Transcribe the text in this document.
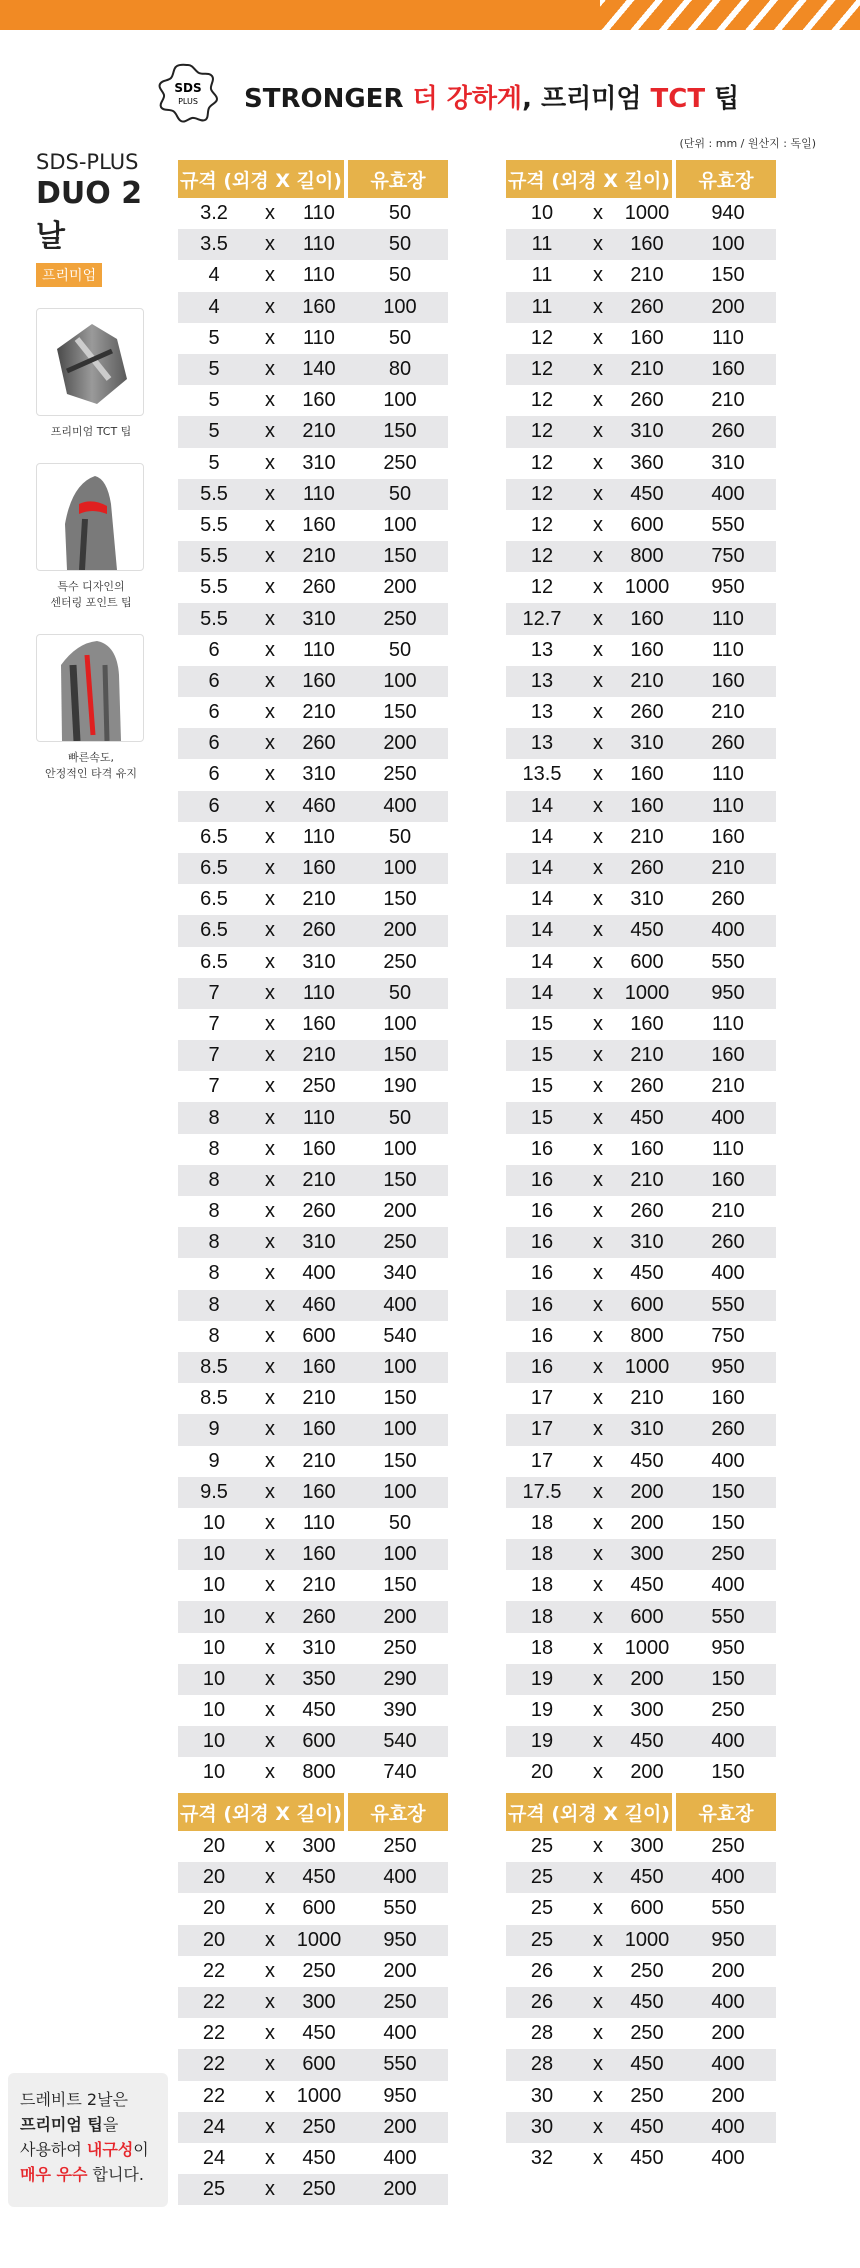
SDS
PLUS STRONGER 더 강하게, 프리미엄 TCT 팁
(단위 : mm / 원산지 : 독일)
SDS-PLUS
DUO 2날
프리미엄
프리미엄 TCT 팁
특수 디자인의
센터링 포인트 팁
빠른속도,
안정적인 타격 유지
드레비트 2날은
프리미엄 팁을
사용하여 내구성이
매우 우수 합니다.
규격 (외경 X 길이)			유효장	
3.2	x	110		50
3.5	x	110		50
4	x	110		50
4	x	160		100
5	x	110		50
5	x	140		80
5	x	160		100
5	x	210		150
5	x	310		250
5.5	x	110		50
5.5	x	160		100
5.5	x	210		150
5.5	x	260		200
5.5	x	310		250
6	x	110		50
6	x	160		100
6	x	210		150
6	x	260		200
6	x	310		250
6	x	460		400
6.5	x	110		50
6.5	x	160		100
6.5	x	210		150
6.5	x	260		200
6.5	x	310		250
7	x	110		50
7	x	160		100
7	x	210		150
7	x	250		190
8	x	110		50
8	x	160		100
8	x	210		150
8	x	260		200
8	x	310		250
8	x	400		340
8	x	460		400
8	x	600		540
8.5	x	160		100
8.5	x	210		150
9	x	160		100
9	x	210		150
9.5	x	160		100
10	x	110		50
10	x	160		100
10	x	210		150
10	x	260		200
10	x	310		250
10	x	350		290
10	x	450		390
10	x	600		540
10	x	800		740
규격 (외경 X 길이)			유효장	
10	x	1000		940
11	x	160		100
11	x	210		150
11	x	260		200
12	x	160		110
12	x	210		160
12	x	260		210
12	x	310		260
12	x	360		310
12	x	450		400
12	x	600		550
12	x	800		750
12	x	1000		950
12.7	x	160		110
13	x	160		110
13	x	210		160
13	x	260		210
13	x	310		260
13.5	x	160		110
14	x	160		110
14	x	210		160
14	x	260		210
14	x	310		260
14	x	450		400
14	x	600		550
14	x	1000		950
15	x	160		110
15	x	210		160
15	x	260		210
15	x	450		400
16	x	160		110
16	x	210		160
16	x	260		210
16	x	310		260
16	x	450		400
16	x	600		550
16	x	800		750
16	x	1000		950
17	x	210		160
17	x	310		260
17	x	450		400
17.5	x	200		150
18	x	200		150
18	x	300		250
18	x	450		400
18	x	600		550
18	x	1000		950
19	x	200		150
19	x	300		250
19	x	450		400
20	x	200		150
규격 (외경 X 길이)			유효장	
20	x	300		250
20	x	450		400
20	x	600		550
20	x	1000		950
22	x	250		200
22	x	300		250
22	x	450		400
22	x	600		550
22	x	1000		950
24	x	250		200
24	x	450		400
25	x	250		200
규격 (외경 X 길이)			유효장	
25	x	300		250
25	x	450		400
25	x	600		550
25	x	1000		950
26	x	250		200
26	x	450		400
28	x	250		200
28	x	450		400
30	x	250		200
30	x	450		400
32	x	450		400
